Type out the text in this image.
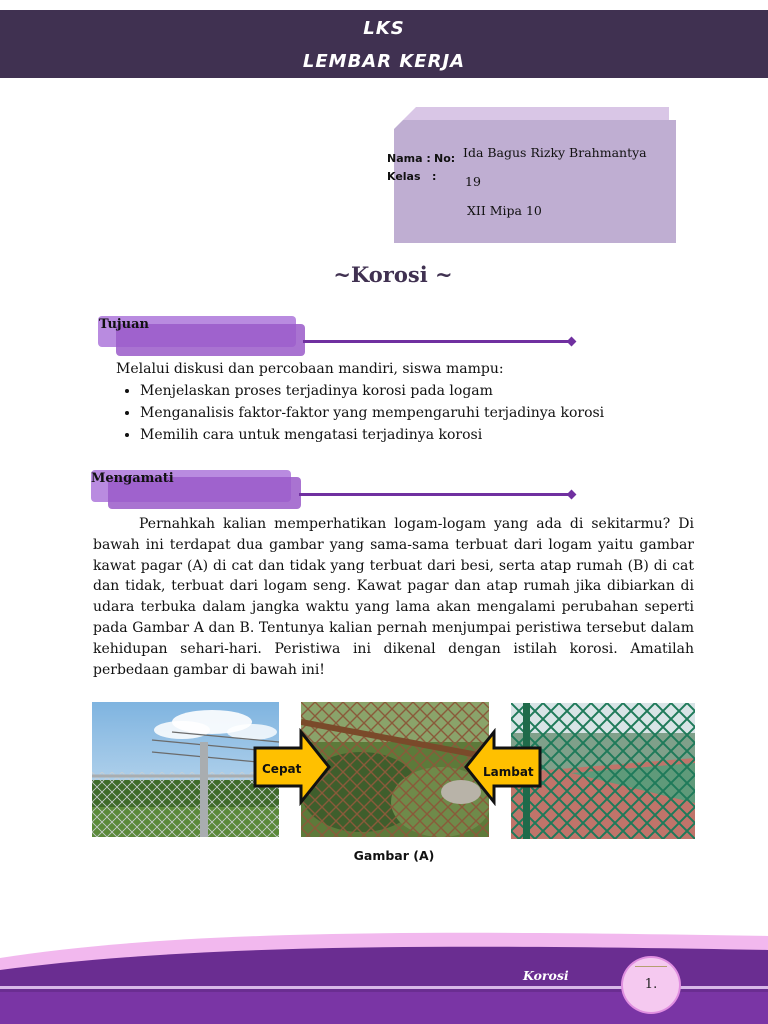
LKS
LEMBAR KERJA
Nama : No:
Kelas   :
Ida Bagus Rizky Brahmantya
19
XII Mipa 10
~Korosi ~
Tujuan
Melalui diskusi dan percobaan mandiri, siswa mampu:
• Menjelaskan proses terjadinya korosi pada logam
• Menganalisis faktor-faktor yang mempengaruhi terjadinya korosi
• Memilih cara untuk mengatasi terjadinya korosi
Mengamati
Pernahkah kalian memperhatikan logam-logam yang ada di sekitarmu? Di bawah ini terdapat dua gambar yang sama-sama terbuat dari logam yaitu gambar kawat pagar (A) di cat dan tidak yang terbuat dari besi, serta atap rumah (B) di cat dan tidak, terbuat dari logam seng. Kawat pagar dan atap rumah jika dibiarkan di udara terbuka dalam jangka waktu yang lama akan mengalami perubahan seperti pada Gambar A dan B. Tentunya kalian pernah menjumpai peristiwa tersebut dalam kehidupan sehari-hari. Peristiwa ini dikenal dengan istilah korosi. Amatilah perbedaan gambar di bawah ini!
Cepat	Lambat
Gambar (A)
Korosi
1.
